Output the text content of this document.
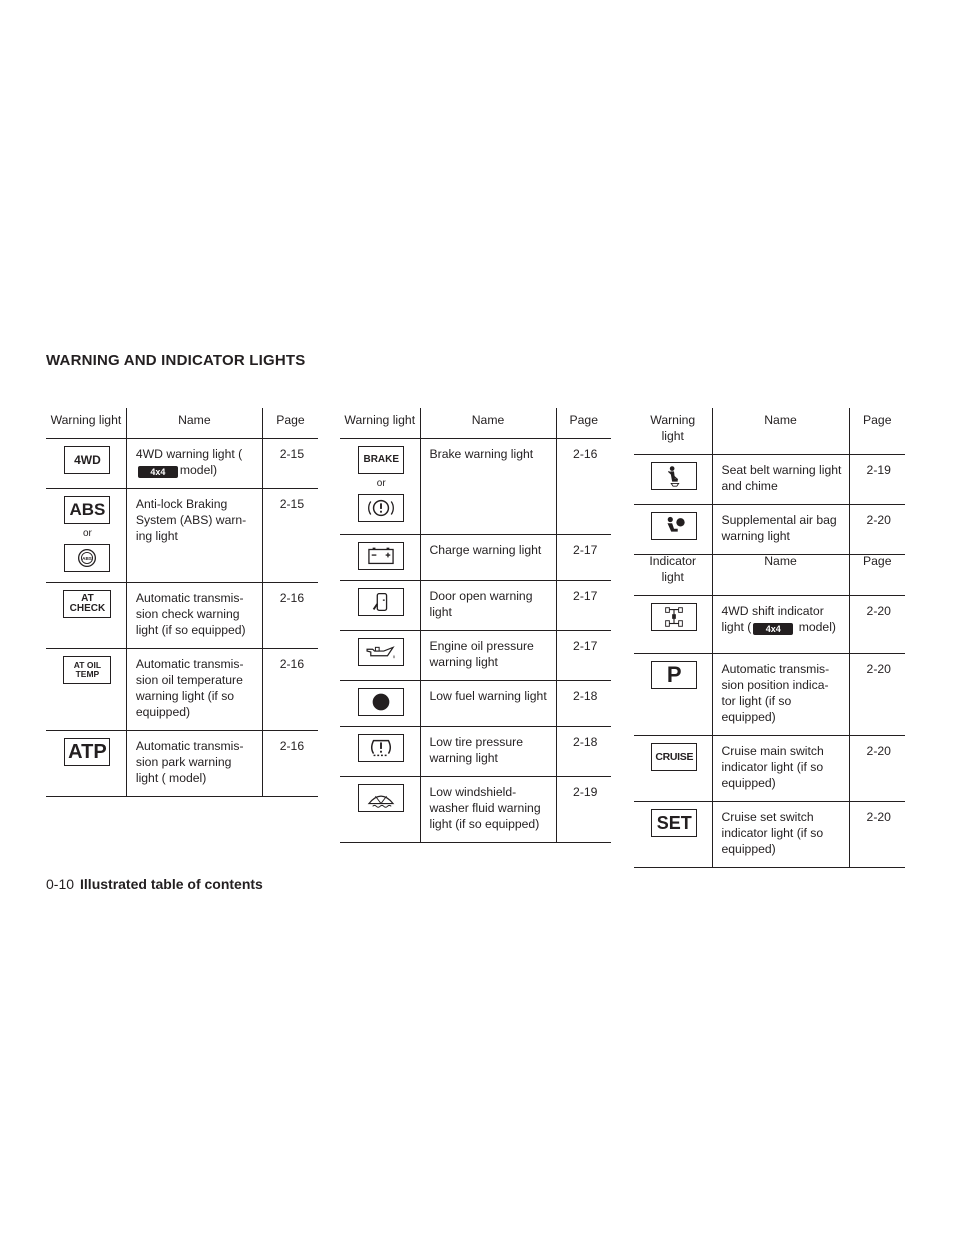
WARNING AND INDICATOR LIGHTS
Warning light	Name	Page
4WD	4WD warning light (4x4 model)	2-15
ABS
or
ABS	Anti-lock Braking System (ABS) warn- ing light	2-15
AT CHECK	Automatic transmis- sion check warning light (if so equipped)	2-16
AT OIL TEMP	Automatic transmis- sion oil temperature warning light (if so equipped)	2-16
ATP	Automatic transmis- sion park warning light ( model)	2-16
Warning light	Name	Page
BRAKE
or	Brake warning light	2-16

	Charge warning light	2-17

	Door open warning light	2-17

	Engine oil pressure warning light	2-17

	Low fuel warning light	2-18

	Low tire pressure warning light	2-18

	Low windshield- washer fluid warning light (if so equipped)	2-19
Warning light	Name	Page

	Seat belt warning light and chime	2-19

	Supplemental air bag warning light	2-20
Indicator light	Name	Page

	4WD shift indicator light ( 4x4 model)	2-20
P	Automatic transmis- sion position indica- tor light (if so equipped)	2-20
CRUISE	Cruise main switch indicator light (if so equipped)	2-20
SET	Cruise set switch indicator light (if so equipped)	2-20
0-10 Illustrated table of contents
